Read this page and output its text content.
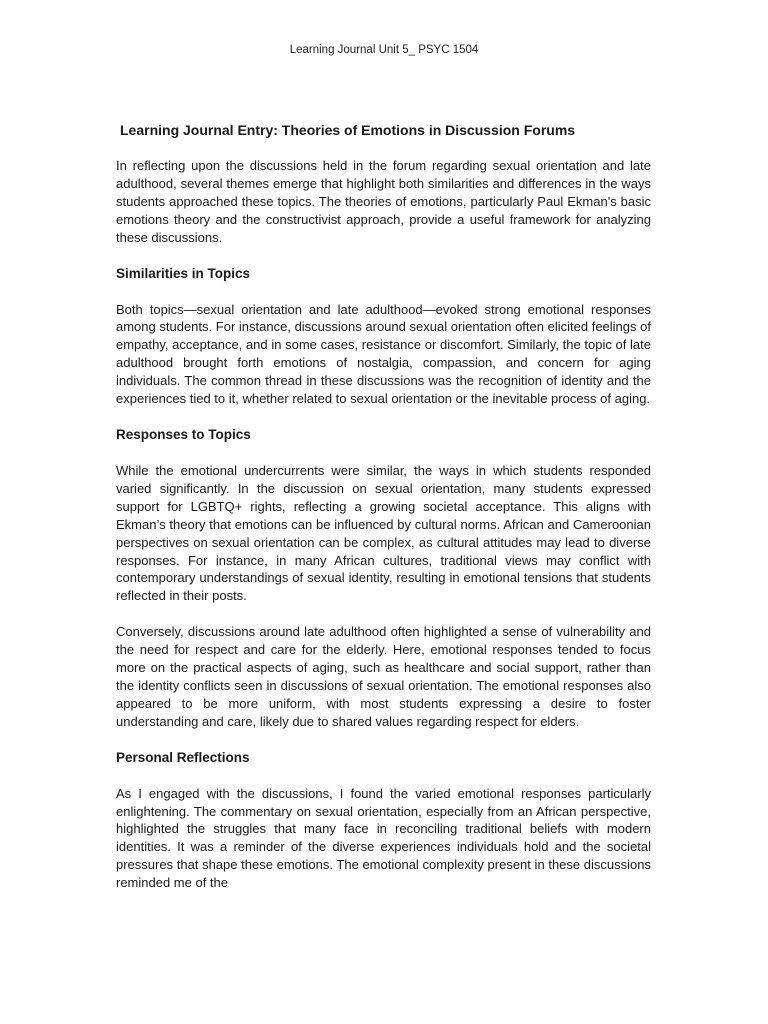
Learning Journal Unit 5_ PSYC 1504
Learning Journal Entry: Theories of Emotions in Discussion Forums

In reflecting upon the discussions held in the forum regarding sexual orientation and late adulthood, several themes emerge that highlight both similarities and differences in the ways students approached these topics. The theories of emotions, particularly Paul Ekman's basic emotions theory and the constructivist approach, provide a useful framework for analyzing these discussions.

Similarities in Topics

Both topics—sexual orientation and late adulthood—evoked strong emotional responses among students. For instance, discussions around sexual orientation often elicited feelings of empathy, acceptance, and in some cases, resistance or discomfort. Similarly, the topic of late adulthood brought forth emotions of nostalgia, compassion, and concern for aging individuals. The common thread in these discussions was the recognition of identity and the experiences tied to it, whether related to sexual orientation or the inevitable process of aging.

Responses to Topics

While the emotional undercurrents were similar, the ways in which students responded varied significantly. In the discussion on sexual orientation, many students expressed support for LGBTQ+ rights, reflecting a growing societal acceptance. This aligns with Ekman’s theory that emotions can be influenced by cultural norms. African and Cameroonian perspectives on sexual orientation can be complex, as cultural attitudes may lead to diverse responses. For instance, in many African cultures, traditional views may conflict with contemporary understandings of sexual identity, resulting in emotional tensions that students reflected in their posts.

Conversely, discussions around late adulthood often highlighted a sense of vulnerability and the need for respect and care for the elderly. Here, emotional responses tended to focus more on the practical aspects of aging, such as healthcare and social support, rather than the identity conflicts seen in discussions of sexual orientation. The emotional responses also appeared to be more uniform, with most students expressing a desire to foster understanding and care, likely due to shared values regarding respect for elders.

Personal Reflections

As I engaged with the discussions, I found the varied emotional responses particularly enlightening. The commentary on sexual orientation, especially from an African perspective, highlighted the struggles that many face in reconciling traditional beliefs with modern identities. It was a reminder of the diverse experiences individuals hold and the societal pressures that shape these emotions. The emotional complexity present in these discussions reminded me of the
